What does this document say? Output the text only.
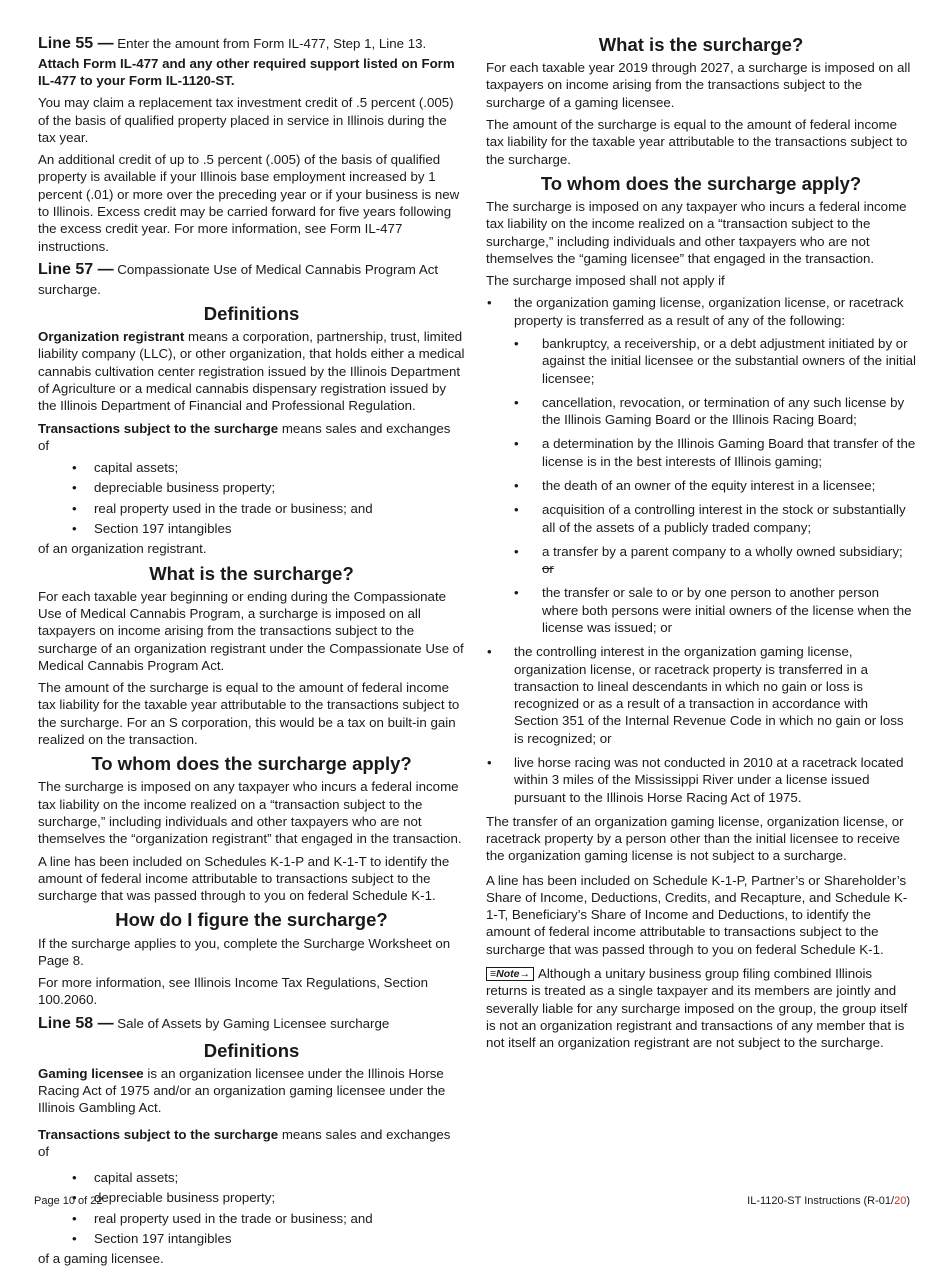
Line 55 — Enter the amount from Form IL-477, Step 1, Line 13. Attach Form IL-477 and any other required support listed on Form IL-477 to your Form IL-1120-ST.

You may claim a replacement tax investment credit of .5 percent (.005) of the basis of qualified property placed in service in Illinois during the tax year.

An additional credit of up to .5 percent (.005) of the basis of qualified property is available if your Illinois base employment increased by 1 percent (.01) or more over the preceding year or if your business is new to Illinois. Excess credit may be carried forward for five years following the excess credit year. For more information, see Form IL-477 instructions.

Line 57 — Compassionate Use of Medical Cannabis Program Act surcharge.

Definitions

Organization registrant means a corporation, partnership, trust, limited liability company (LLC), or other organization, that holds either a medical cannabis cultivation center registration issued by the Illinois Department of Agriculture or a medical cannabis dispensary registration issued by the Illinois Department of Financial and Professional Regulation.

Transactions subject to the surcharge means sales and exchanges of

• capital assets;
• depreciable business property;
• real property used in the trade or business; and
• Section 197 intangibles

of an organization registrant.

What is the surcharge?

For each taxable year beginning or ending during the Compassionate Use of Medical Cannabis Program, a surcharge is imposed on all taxpayers on income arising from the transactions subject to the surcharge of an organization registrant under the Compassionate Use of Medical Cannabis Program Act.

The amount of the surcharge is equal to the amount of federal income tax liability for the taxable year attributable to the transactions subject to the surcharge. For an S corporation, this would be a tax on built-in gain realized on the transaction.

To whom does the surcharge apply?

The surcharge is imposed on any taxpayer who incurs a federal income tax liability on the income realized on a “transaction subject to the surcharge,” including individuals and other taxpayers who are not themselves the “organization registrant” that engaged in the transaction.

A line has been included on Schedules K-1-P and K-1-T to identify the amount of federal income attributable to transactions subject to the surcharge that was passed through to you on federal Schedule K-1.

How do I figure the surcharge?

If the surcharge applies to you, complete the Surcharge Worksheet on Page 8.

For more information, see Illinois Income Tax Regulations, Section 100.2060.

Line 58 — Sale of Assets by Gaming Licensee surcharge

Definitions

Gaming licensee is an organization licensee under the Illinois Horse Racing Act of 1975 and/or an organization gaming licensee under the Illinois Gambling Act.

Transactions subject to the surcharge means sales and exchanges of

• capital assets;
• depreciable business property;
• real property used in the trade or business; and
• Section 197 intangibles

of a gaming licensee.

What is the surcharge?

For each taxable year 2019 through 2027, a surcharge is imposed on all taxpayers on income arising from the transactions subject to the surcharge of a gaming licensee.

The amount of the surcharge is equal to the amount of federal income tax liability for the taxable year attributable to the transactions subject to the surcharge.

To whom does the surcharge apply?

The surcharge is imposed on any taxpayer who incurs a federal income tax liability on the income realized on a “transaction subject to the surcharge,” including individuals and other taxpayers who are not themselves the “gaming licensee” that engaged in the transaction.

The surcharge imposed shall not apply if

• the organization gaming license, organization license, or racetrack property is transferred as a result of any of the following:
• bankruptcy, a receivership, or a debt adjustment initiated by or against the initial licensee or the substantial owners of the initial licensee;
• cancellation, revocation, or termination of any such license by the Illinois Gaming Board or the Illinois Racing Board;
• a determination by the Illinois Gaming Board that transfer of the license is in the best interests of Illinois gaming;
• the death of an owner of the equity interest in a licensee;
• acquisition of a controlling interest in the stock or substantially all of the assets of a publicly traded company;
• a transfer by a parent company to a wholly owned subsidiary; or
• the transfer or sale to or by one person to another person where both persons were initial owners of the license when the license was issued; or
• the controlling interest in the organization gaming license, organization license, or racetrack property is transferred in a transaction to lineal descendants in which no gain or loss is recognized or as a result of a transaction in accordance with Section 351 of the Internal Revenue Code in which no gain or loss is recognized; or
• live horse racing was not conducted in 2010 at a racetrack located within 3 miles of the Mississippi River under a license issued pursuant to the Illinois Horse Racing Act of 1975.

The transfer of an organization gaming license, organization license, or racetrack property by a person other than the initial licensee to receive the organization gaming license is not subject to a surcharge.

A line has been included on Schedule K-1-P, Partner’s or Shareholder’s Share of Income, Deductions, Credits, and Recapture, and Schedule K-1-T, Beneficiary’s Share of Income and Deductions, to identify the amount of federal income attributable to transactions subject to the surcharge that was passed through to you on federal Schedule K-1.

≡Note→ Although a unitary business group filing combined Illinois returns is treated as a single taxpayer and its members are jointly and severally liable for any surcharge imposed on the group, the group itself is not an organization registrant and transactions of any member that is not itself an organization registrant are not subject to the surcharge.

Page 10 of 22	IL-1120-ST Instructions (R-01/20)
